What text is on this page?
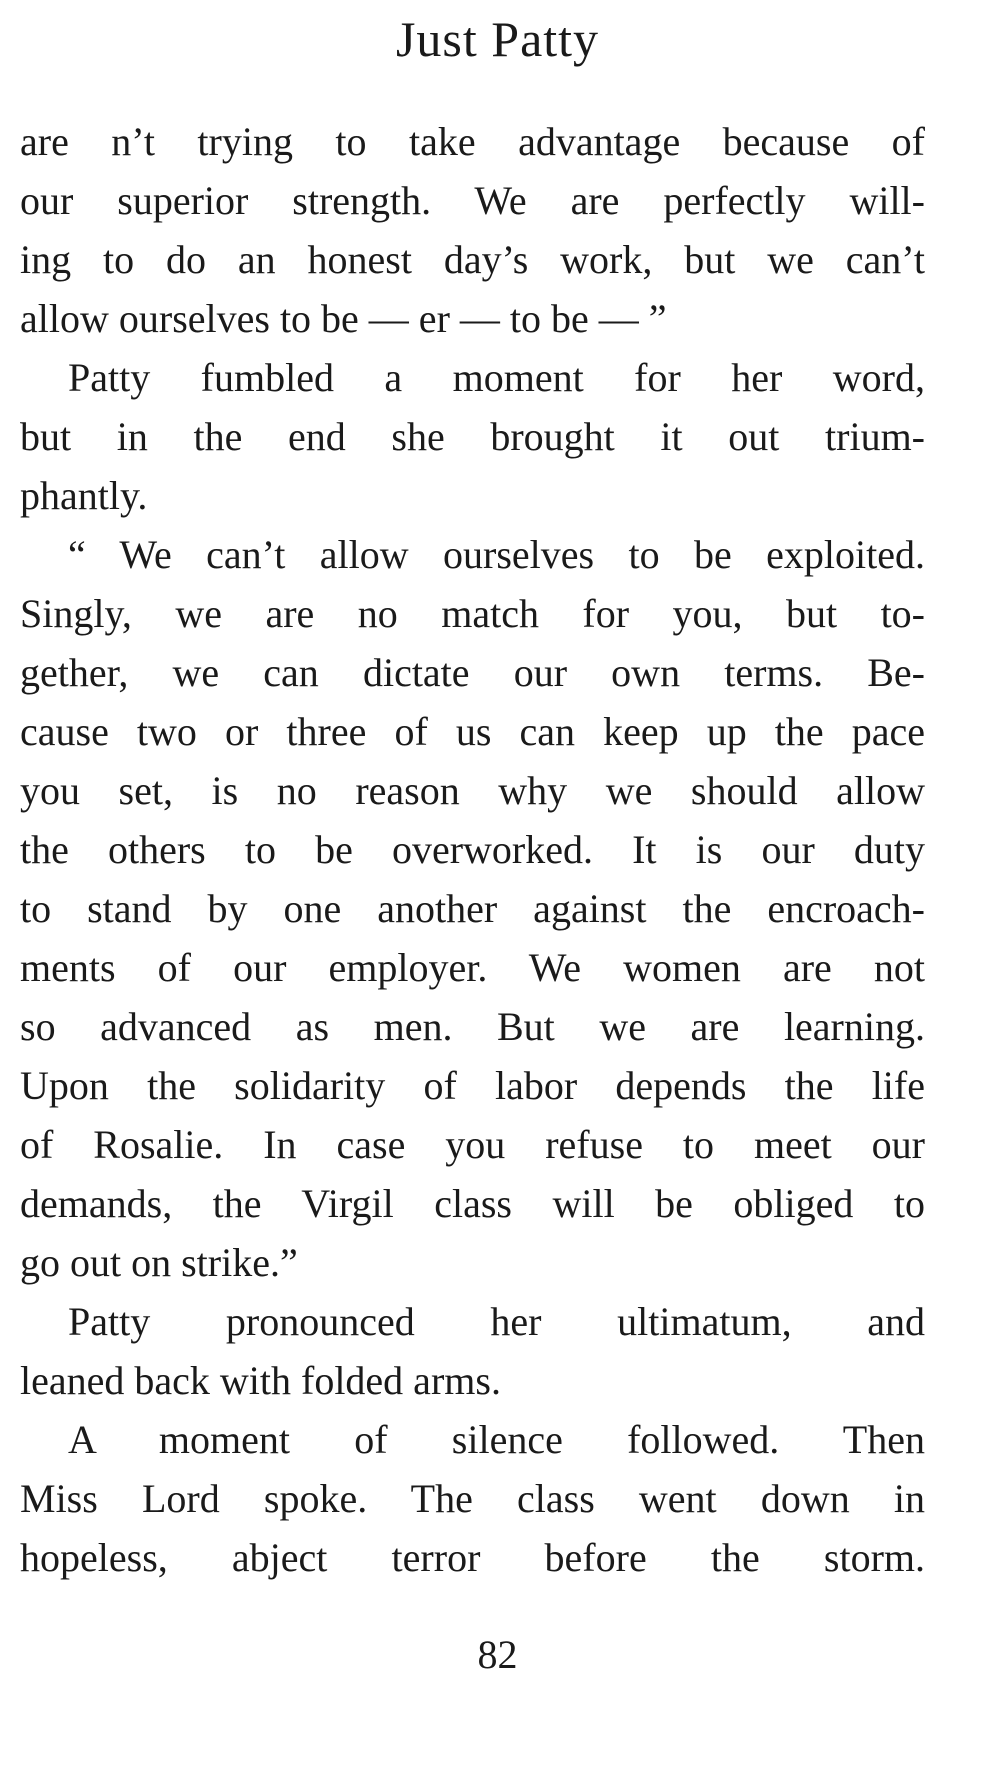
Just Patty

are n’t trying to take advantage because of
our superior strength. We are perfectly will-
ing to do an honest day’s work, but we can’t
allow ourselves to be — er — to be — ”

Patty fumbled a moment for her word,
but in the end she brought it out trium-
phantly.

“ We can’t allow ourselves to be exploited.
Singly, we are no match for you, but to-
gether, we can dictate our own terms. Be-
cause two or three of us can keep up the pace
you set, is no reason why we should allow
the others to be overworked. It is our duty
to stand by one another against the encroach-
ments of our employer. We women are not
so advanced as men. But we are learning.
Upon the solidarity of labor depends the life
of Rosalie. In case you refuse to meet our
demands, the Virgil class will be obliged to
go out on strike.”

Patty pronounced her ultimatum, and
leaned back with folded arms.

A moment of silence followed. Then
Miss Lord spoke. The class went down in
hopeless, abject terror before the storm.

82
